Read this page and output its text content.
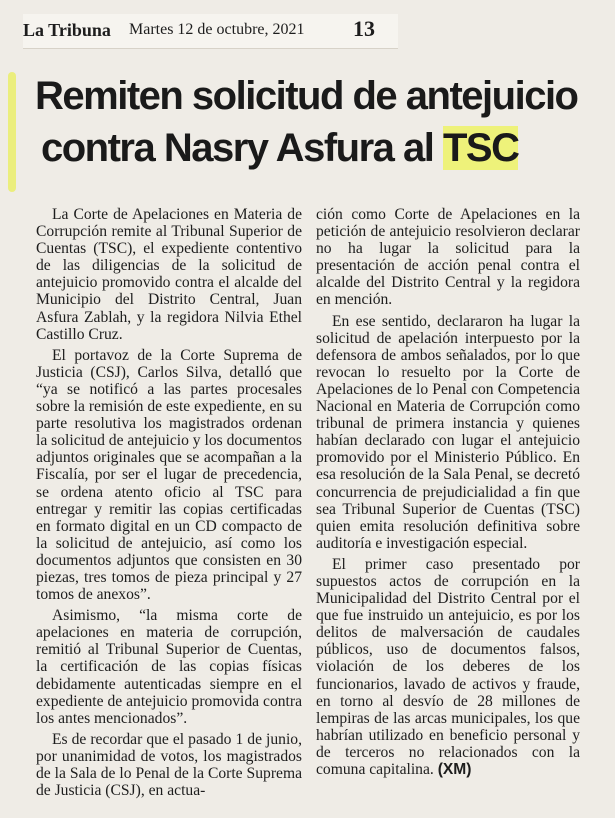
La Tribuna Martes 12 de octubre, 2021 13
Remiten solicitud de antejuicio
contra Nasry Asfura al TSC

La Corte de Apelaciones en Materia de Corrupción remite al Tribunal Superior de Cuentas (TSC), el expediente contentivo de las diligencias de la solicitud de antejuicio promovido contra el alcalde del Municipio del Distrito Central, Juan Asfura Zablah, y la regidora Nilvia Ethel Castillo Cruz.

El portavoz de la Corte Suprema de Justicia (CSJ), Carlos Silva, detalló que “ya se notificó a las partes procesales sobre la remisión de este expediente, en su parte resolutiva los magistrados ordenan la solicitud de antejuicio y los documentos adjuntos originales que se acompañan a la Fiscalía, por ser el lugar de precedencia, se ordena atento oficio al TSC para entregar y remitir las copias certificadas en formato digital en un CD compacto de la solicitud de antejuicio, así como los documentos adjuntos que consisten en 30 piezas, tres tomos de pieza principal y 27 tomos de anexos”.

Asimismo, “la misma corte de apelaciones en materia de corrupción, remitió al Tribunal Superior de Cuentas, la certificación de las copias físicas debidamente autenticadas siempre en el expediente de antejuicio promovida contra los antes mencionados”.

Es de recordar que el pasado 1 de junio, por unanimidad de votos, los magistrados de la Sala de lo Penal de la Corte Suprema de Justicia (CSJ), en actua-

ción como Corte de Apelaciones en la petición de antejuicio resolvieron declarar no ha lugar la solicitud para la presentación de acción penal contra el alcalde del Distrito Central y la regidora en mención.

En ese sentido, declararon ha lugar la solicitud de apelación interpuesto por la defensora de ambos señalados, por lo que revocan lo resuelto por la Corte de Apelaciones de lo Penal con Competencia Nacional en Materia de Corrupción como tribunal de primera instancia y quienes habían declarado con lugar el antejuicio promovido por el Ministerio Público. En esa resolución de la Sala Penal, se decretó concurrencia de prejudicialidad a fin que sea Tribunal Superior de Cuentas (TSC) quien emita resolución definitiva sobre auditoría e investigación especial.

El primer caso presentado por supuestos actos de corrupción en la Municipalidad del Distrito Central por el que fue instruido un antejuicio, es por los delitos de malversación de caudales públicos, uso de documentos falsos, violación de los deberes de los funcionarios, lavado de activos y fraude, en torno al desvío de 28 millones de lempiras de las arcas municipales, los que habrían utilizado en beneficio personal y de terceros no relacionados con la comuna capitalina. (XM)
